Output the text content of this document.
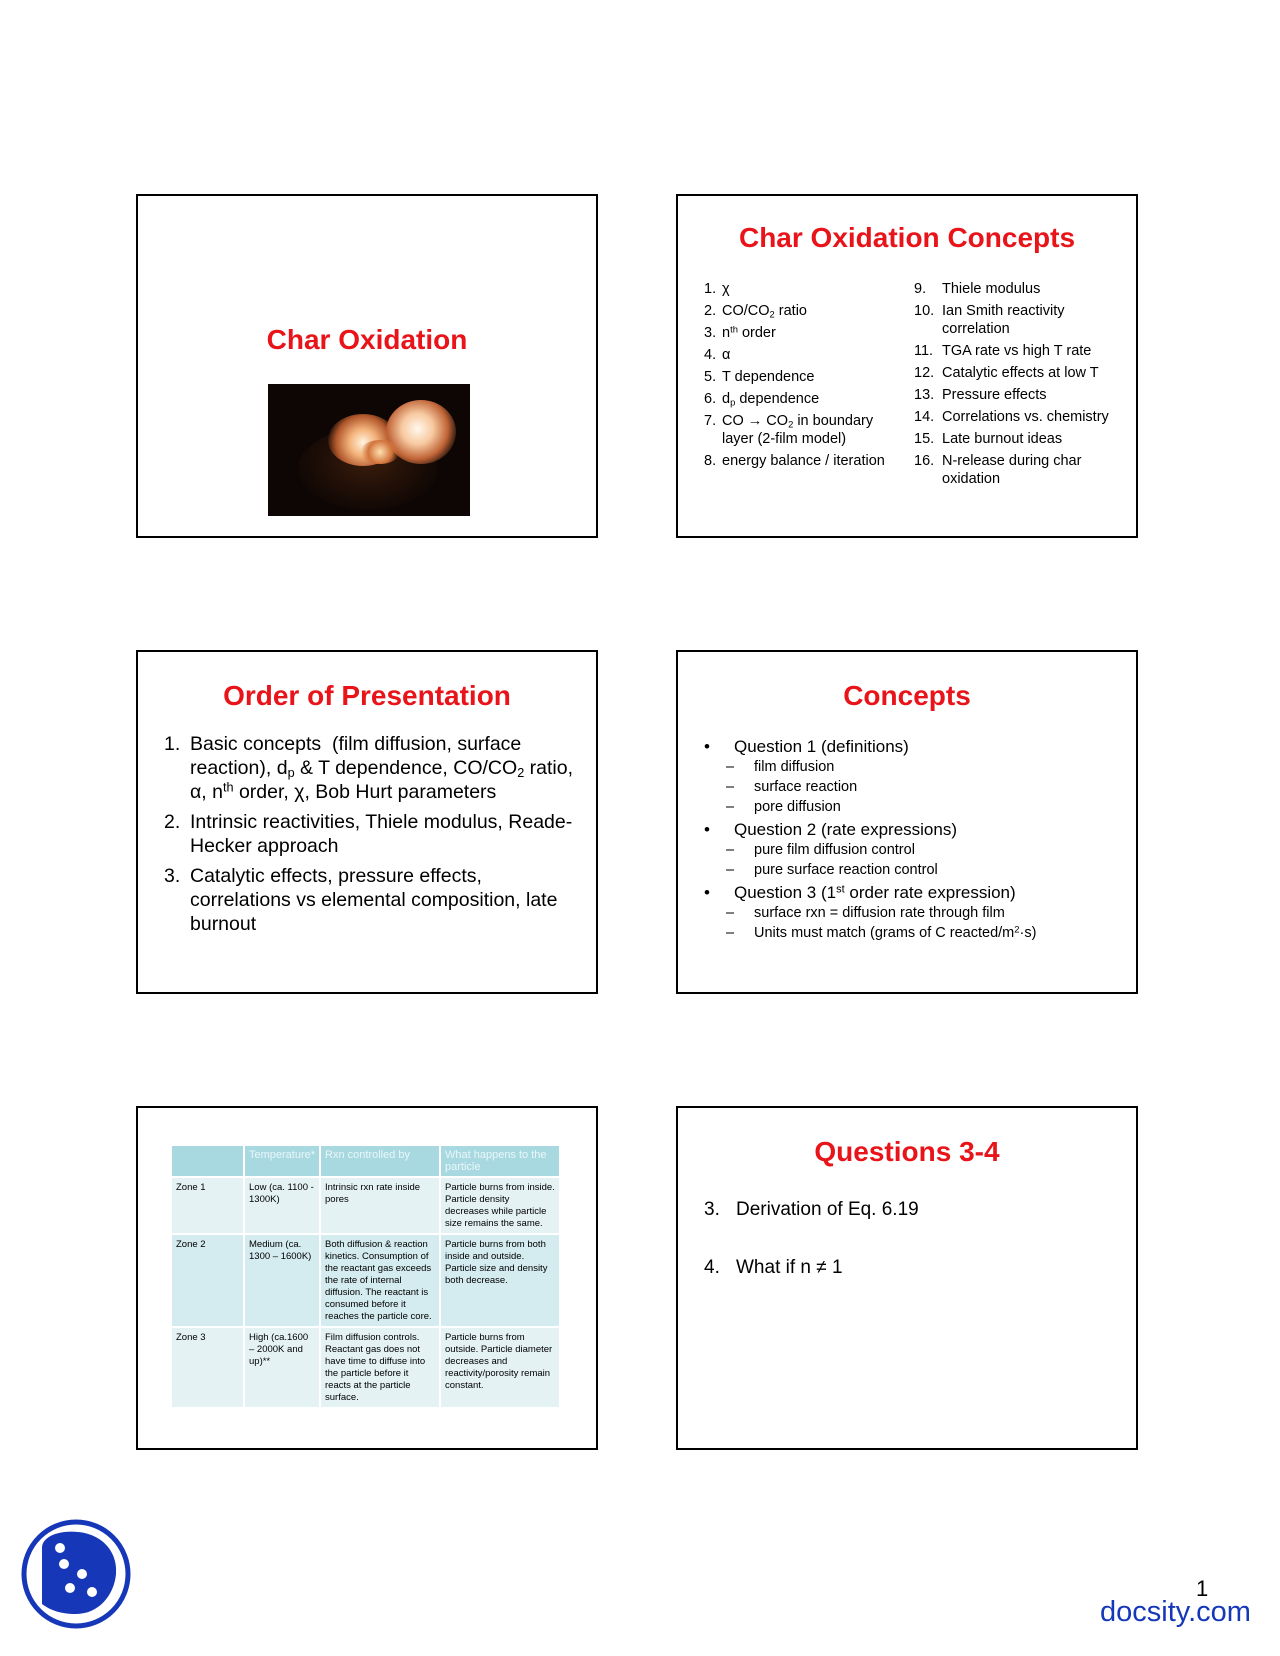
Char Oxidation
Char Oxidation Concepts
1. χ
2. $CO/CO_2$ ratio
3. $n^{th}$ order
4. α
5. T dependence
6. $d_p$ dependence
7. CO → $CO_2$ in boundary layer (2-film model)
8. energy balance / iteration
9. Thiele modulus
10. Ian Smith reactivity correlation
11. TGA rate vs high T rate
12. Catalytic effects at low T
13. Pressure effects
14. Correlations vs. chemistry
15. Late burnout ideas
16. N-release during char oxidation
Order of Presentation
1. Basic concepts  (film diffusion, surface reaction), $d_p$ & T dependence, $CO/CO_2$ ratio, α, $n^{th}$ order, χ, Bob Hurt parameters
2. Intrinsic reactivities, Thiele modulus, Reade-Hecker approach
3. Catalytic effects, pressure effects, correlations vs elemental composition, late burnout
Concepts
• Question 1 (definitions)
– film diffusion
– surface reaction
– pore diffusion
• Question 2 (rate expressions)
– pure film diffusion control
– pure surface reaction control
• Question 3 (1st order rate expression)
– surface rxn = diffusion rate through film
– Units must match (grams of C reacted/$m^2\cdot s$)
	Temperature*	Rxn controlled by	What happens to the particle
Zone 1	Low (ca. 1100 - 1300K)	Intrinsic rxn rate inside pores	Particle burns from inside. Particle density decreases while particle size remains the same.
Zone 2	Medium (ca. 1300 – 1600K)	Both diffusion & reaction kinetics. Consumption of the reactant gas exceeds the rate of internal diffusion. The reactant is consumed before it reaches the particle core.	Particle burns from both inside and outside. Particle size and density both decrease.
Zone 3	High (ca.1600 – 2000K and up)**	Film diffusion controls. Reactant gas does not have time to diffuse into the particle before it reacts at the particle surface.	Particle burns from outside. Particle diameter decreases and reactivity/porosity remain constant.
Questions 3-4
3. Derivation of Eq. 6.19
4. What if n ≠ 1
1
docsity.com
